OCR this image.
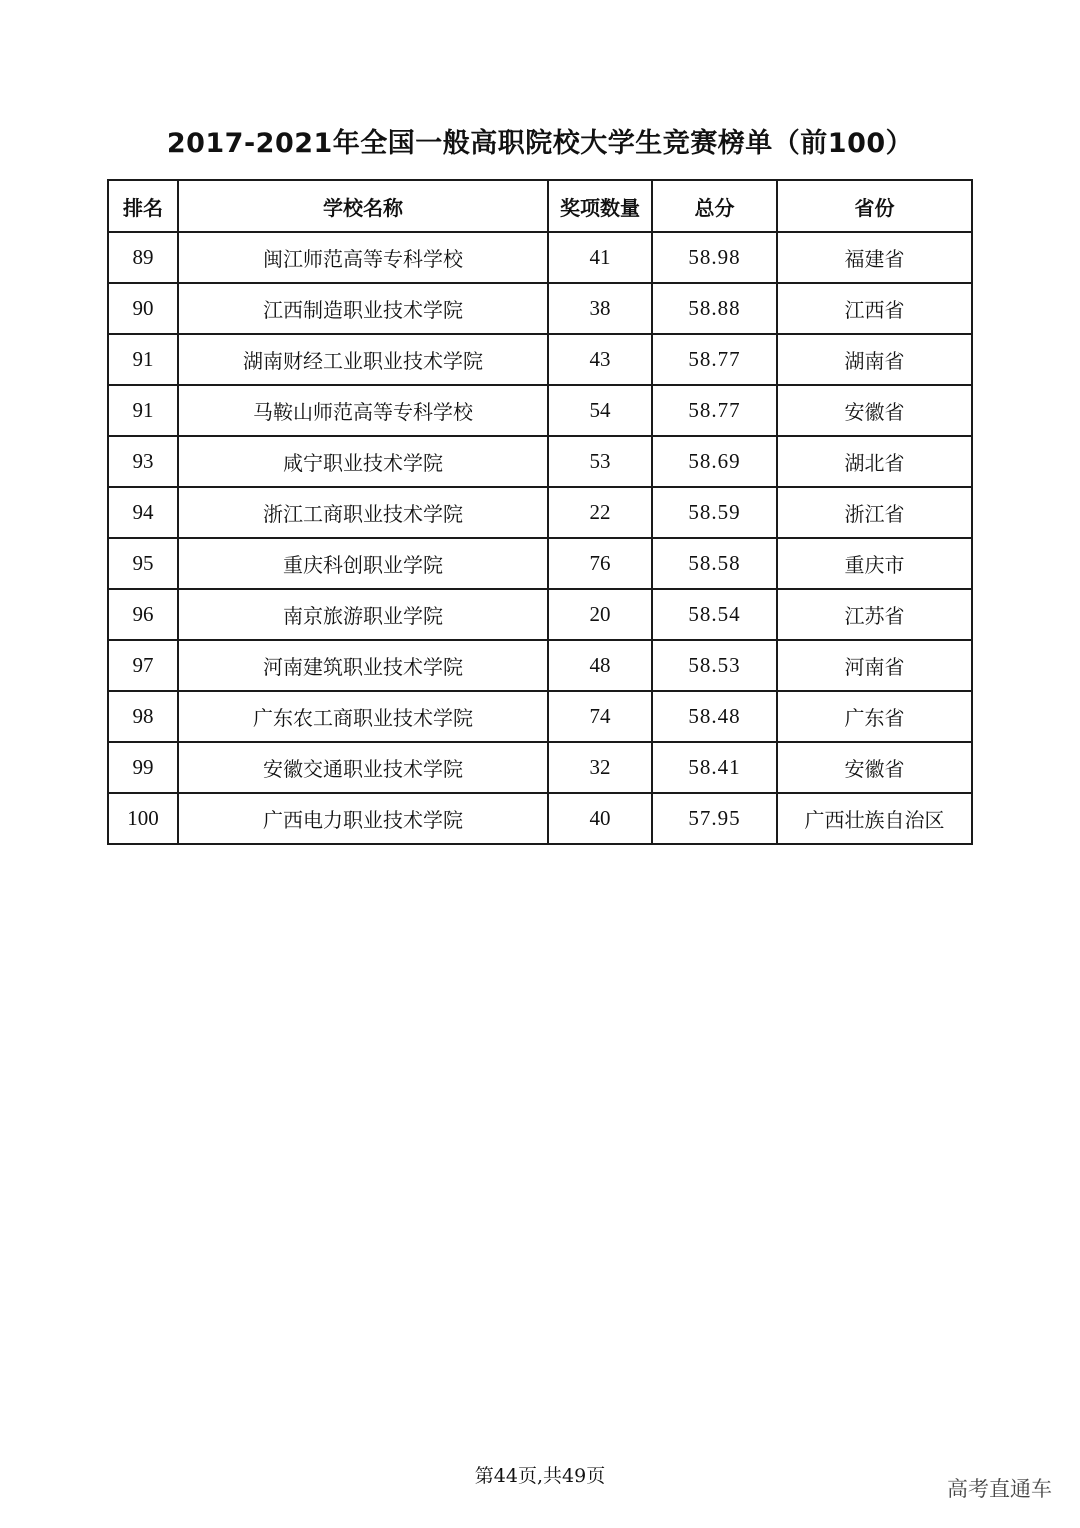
2017-2021年全国一般高职院校大学生竞赛榜单（前100）
排名	学校名称	奖项数量	总分	省份
89	闽江师范高等专科学校	41	58.98	福建省
90	江西制造职业技术学院	38	58.88	江西省
91	湖南财经工业职业技术学院	43	58.77	湖南省
91	马鞍山师范高等专科学校	54	58.77	安徽省
93	咸宁职业技术学院	53	58.69	湖北省
94	浙江工商职业技术学院	22	58.59	浙江省
95	重庆科创职业学院	76	58.58	重庆市
96	南京旅游职业学院	20	58.54	江苏省
97	河南建筑职业技术学院	48	58.53	河南省
98	广东农工商职业技术学院	74	58.48	广东省
99	安徽交通职业技术学院	32	58.41	安徽省
100	广西电力职业技术学院	40	57.95	广西壮族自治区
第44页,共49页
高考直通车
